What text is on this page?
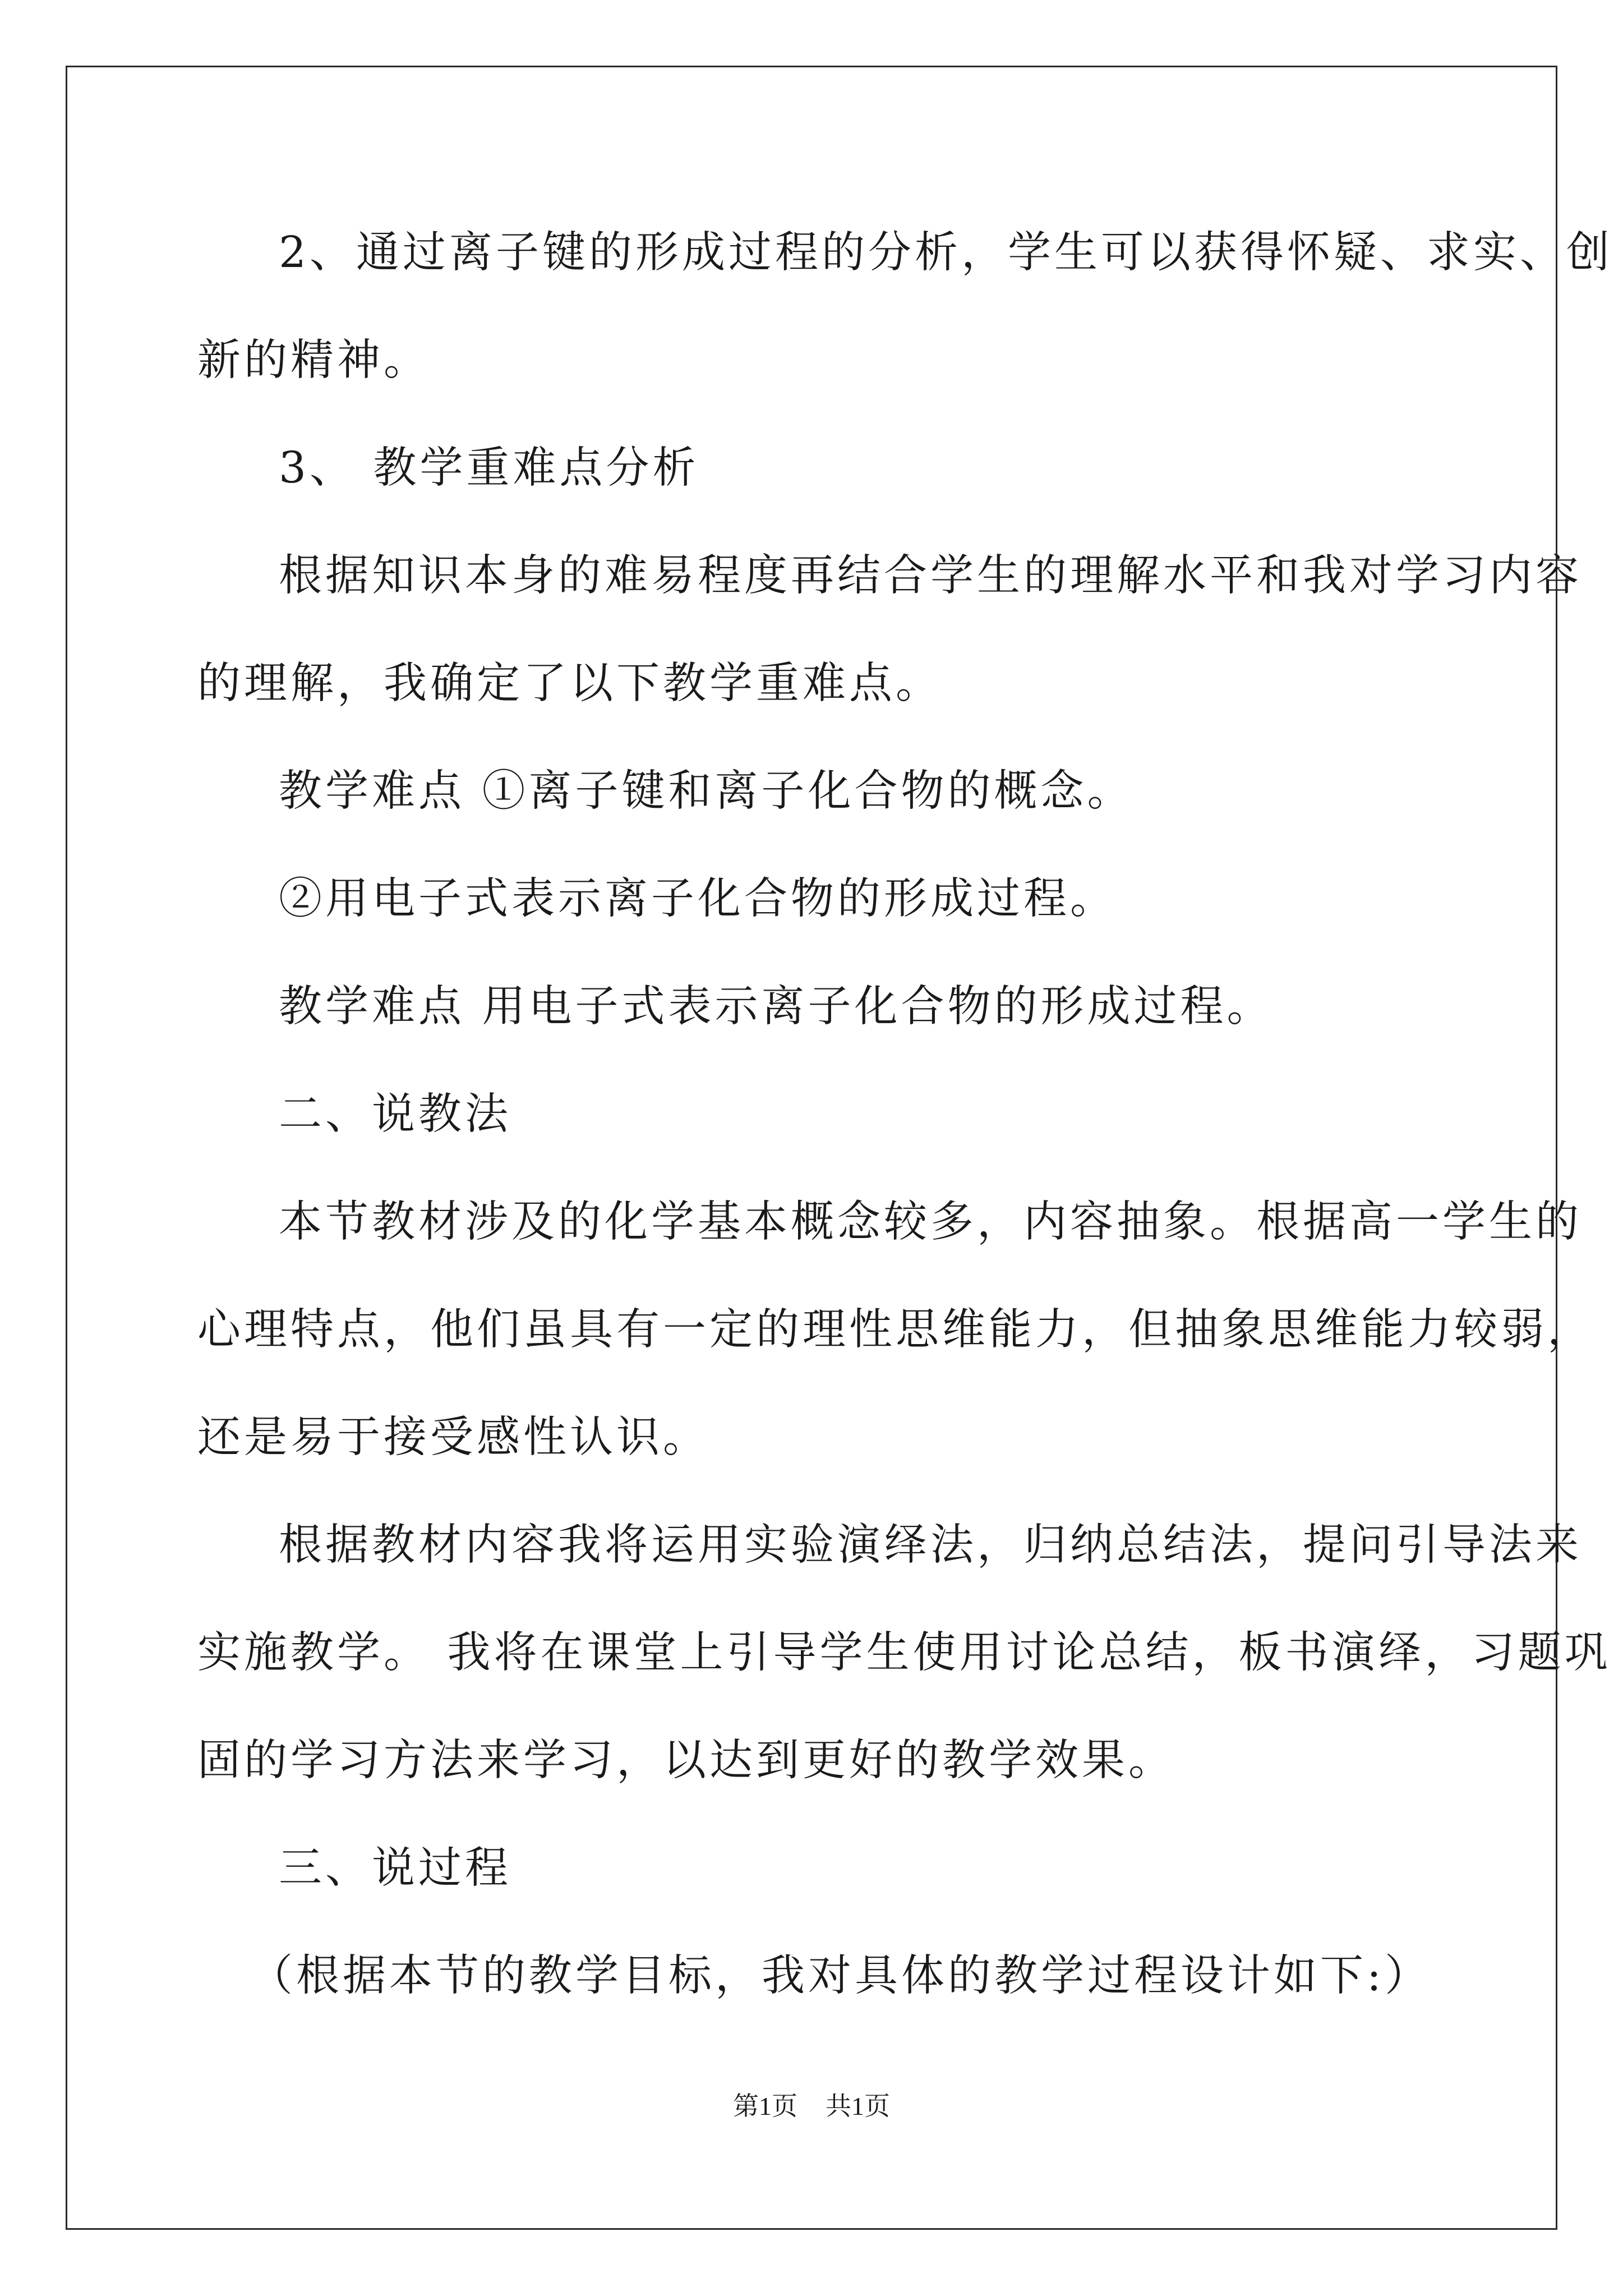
2、通过离子键的形成过程的分析，学生可以获得怀疑、求实、创
新的精神。
3、 教学重难点分析
根据知识本身的难易程度再结合学生的理解水平和我对学习内容
的理解，我确定了以下教学重难点。
教学难点 ①离子键和离子化合物的概念。
②用电子式表示离子化合物的形成过程。
教学难点 用电子式表示离子化合物的形成过程。
二、说教法
本节教材涉及的化学基本概念较多，内容抽象。根据高一学生的
心理特点，他们虽具有一定的理性思维能力，但抽象思维能力较弱，
还是易于接受感性认识。
根据教材内容我将运用实验演绎法，归纳总结法，提问引导法来
实施教学。 我将在课堂上引导学生使用讨论总结，板书演绎，习题巩
固的学习方法来学习，以达到更好的教学效果。
三、说过程
（根据本节的教学目标，我对具体的教学过程设计如下:）
第1页 共1页
